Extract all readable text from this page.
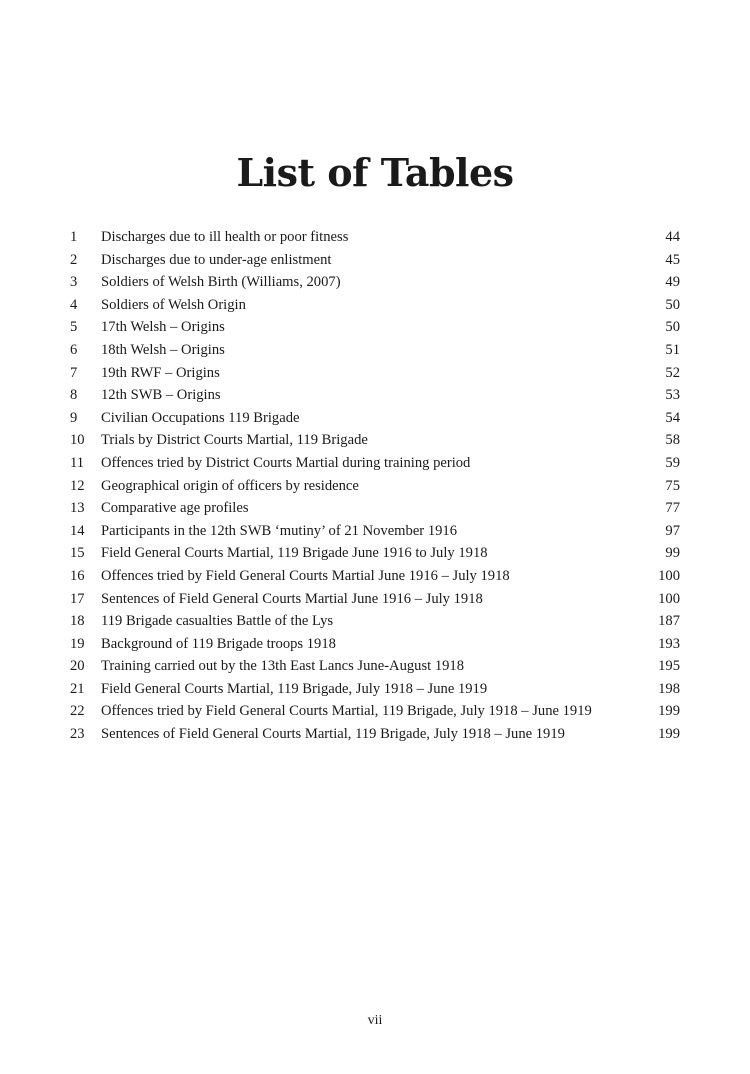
List of Tables
1	Discharges due to ill health or poor fitness	44
2	Discharges due to under-age enlistment	45
3	Soldiers of Welsh Birth (Williams, 2007)	49
4	Soldiers of Welsh Origin	50
5	17th Welsh – Origins	50
6	18th Welsh – Origins	51
7	19th RWF – Origins	52
8	12th SWB – Origins	53
9	Civilian Occupations 119 Brigade	54
10	Trials by District Courts Martial, 119 Brigade	58
11	Offences tried by District Courts Martial during training period	59
12	Geographical origin of officers by residence	75
13	Comparative age profiles	77
14	Participants in the 12th SWB ‘mutiny’ of 21 November 1916	97
15	Field General Courts Martial, 119 Brigade June 1916 to July 1918	99
16	Offences tried by Field General Courts Martial June 1916 – July 1918	100
17	Sentences of Field General Courts Martial June 1916 – July 1918	100
18	119 Brigade casualties Battle of the Lys	187
19	Background of 119 Brigade troops 1918	193
20	Training carried out by the 13th East Lancs June-August 1918	195
21	Field General Courts Martial, 119 Brigade, July 1918 – June 1919	198
22	Offences tried by Field General Courts Martial, 119 Brigade, July 1918 – June 1919	199
23	Sentences of Field General Courts Martial, 119 Brigade, July 1918 – June 1919	199
vii
